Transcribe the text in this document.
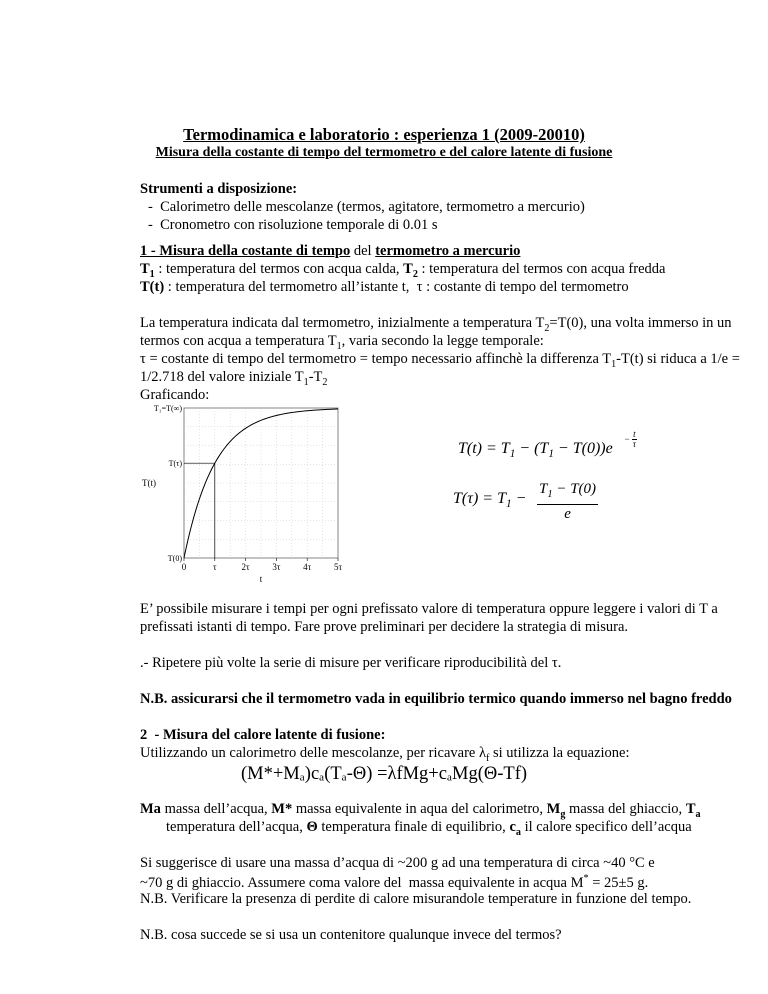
Termodinamica e laboratorio : esperienza 1 (2009-20010)
Misura della costante di tempo del termometro e del calore latente di fusione
Strumenti a disposizione:
-  Calorimetro delle mescolanze (termos, agitatore, termometro a mercurio)
-  Cronometro con risoluzione temporale di 0.01 s
1 - Misura della costante di tempo del termometro a mercurio
$T_1$ : temperatura del termos con acqua calda, $T_2$ : temperatura del termos con acqua fredda
T(t) : temperatura del termometro all’istante t,  τ : costante di tempo del termometro
La temperatura indicata dal termometro, inizialmente a temperatura $T_2=T(0)$, una volta immerso in un
termos con acqua a temperatura $T_1$, varia secondo la legge temporale:
τ = costante di tempo del termometro = tempo necessario affinchè la differenza $T_1-T(t)$ si riduca a 1/e =
1/2.718 del valore iniziale $T_1-T_2$
Graficando:
0	τ	2τ	3τ	4τ	5τ
t
T(0)
T(τ)
T₁=T(∞)
T(t)
$T(t) = T_1 - (T_1 - T(0))e$
− $\frac{t}{\tau}$
$T(\tau) = T_1$ −
$T_1 - T(0)$
e
E’ possibile misurare i tempi per ogni prefissato valore di temperatura oppure leggere i valori di T a
prefissati istanti di tempo. Fare prove preliminari per decidere la strategia di misura.
.- Ripetere più volte la serie di misure per verificare riproducibilità del τ.
N.B. assicurarsi che il termometro vada in equilibrio termico quando immerso nel bagno freddo
2  - Misura del calore latente di fusione:
Utilizzando un calorimetro delle mescolanze, per ricavare $\lambda_f$ si utilizza la equazione:
(M*+Mₐ)cₐ(Tₐ-Θ) =λfMg+cₐMg(Θ-Tf)
Ma massa dell’acqua, M* massa equivalente in aqua del calorimetro, $M_g$ massa del ghiaccio, $T_a$
temperatura dell’acqua, Θ temperatura finale di equilibrio, $c_a$ il calore specifico dell’acqua
Si suggerisce di usare una massa d’acqua di ~200 g ad una temperatura di circa ~40 °C e
~70 g di ghiaccio. Assumere coma valore del  massa equivalente in acqua M* = 25±5 g.
N.B. Verificare la presenza di perdite di calore misurandole temperature in funzione del tempo.
N.B. cosa succede se si usa un contenitore qualunque invece del termos?
